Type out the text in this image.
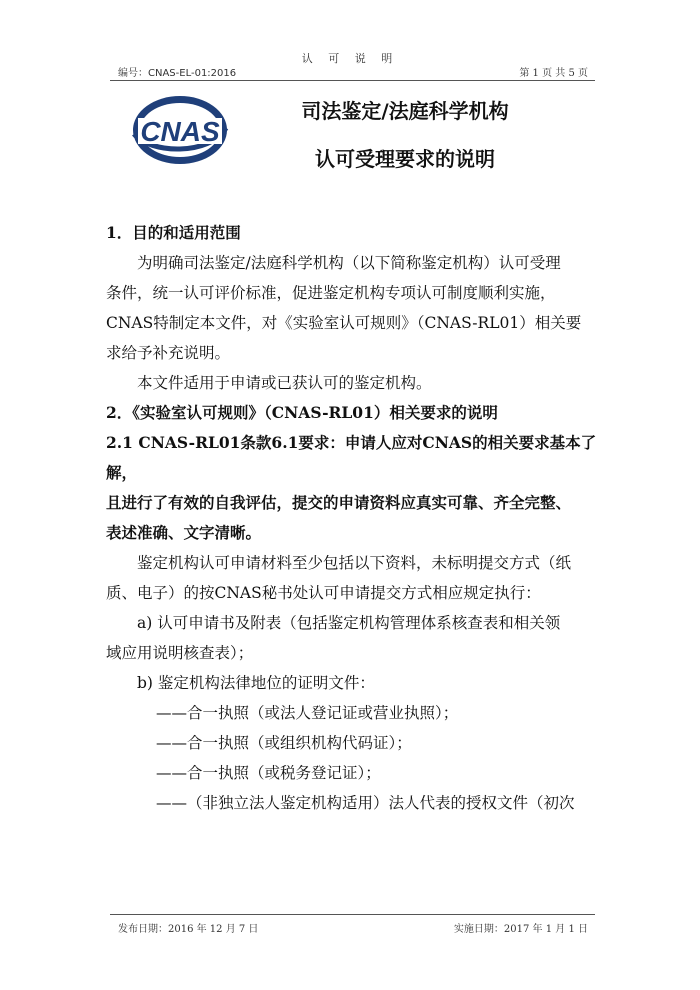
认 可 说 明
编号：CNAS-EL-01:2016	第 1 页 共 5 页
CNAS
司法鉴定/法庭科学机构
认可受理要求的说明

1．目的和适用范围

为明确司法鉴定/法庭科学机构（以下简称鉴定机构）认可受理

条件，统一认可评价标准，促进鉴定机构专项认可制度顺利实施，

CNAS特制定本文件，对《实验室认可规则》（CNAS-RL01）相关要

求给予补充说明。

本文件适用于申请或已获认可的鉴定机构。

2．《实验室认可规则》（CNAS-RL01）相关要求的说明

2.1 CNAS-RL01条款6.1要求：申请人应对CNAS的相关要求基本了解，

且进行了有效的自我评估，提交的申请资料应真实可靠、齐全完整、

表述准确、文字清晰。

鉴定机构认可申请材料至少包括以下资料，未标明提交方式（纸

质、电子）的按CNAS秘书处认可申请提交方式相应规定执行：

a) 认可申请书及附表（包括鉴定机构管理体系核查表和相关领

域应用说明核查表）；

b) 鉴定机构法律地位的证明文件：

——合一执照（或法人登记证或营业执照）；

——合一执照（或组织机构代码证）；

——合一执照（或税务登记证）；

——（非独立法人鉴定机构适用）法人代表的授权文件（初次

发布日期：2016 年 12 月 7 日	实施日期：2017 年 1 月 1 日
